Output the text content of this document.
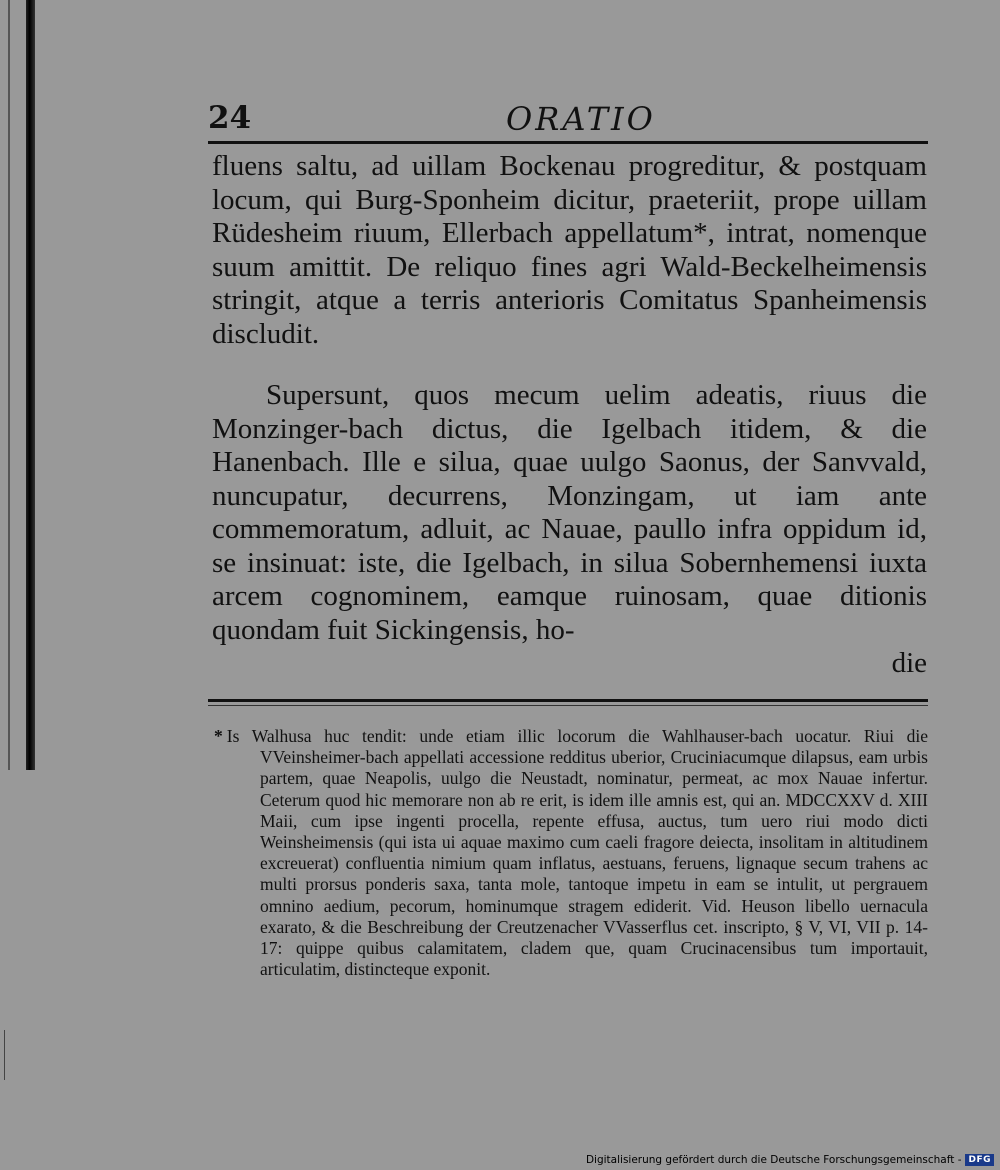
24	ORATIO

fluens saltu, ad uillam Bockenau progreditur, & postquam locum, qui Burg-Sponheim dicitur, praeteriit, prope uillam Rüdesheim riuum, Ellerbach appellatum*, intrat, nomenque suum amittit. De reliquo fines agri Wald-Beckelheimensis stringit, atque a terris anterioris Comitatus Spanheimensis discludit.

Supersunt, quos mecum uelim adeatis, riuus die Monzinger-bach dictus, die Igelbach itidem, & die Hanenbach. Ille e silua, quae uulgo Saonus, der Sanvvald, nuncupatur, decurrens, Monzingam, ut iam ante commemoratum, adluit, ac Nauae, paullo infra oppidum id, se insinuat: iste, die Igelbach, in silua Sobernhemensi iuxta arcem cognominem, eamque ruinosam, quae ditionis quondam fuit Sickingensis, ho-

die
* Is Walhusa huc tendit: unde etiam illic locorum die Wahlhauser-bach uocatur. Riui die VVeinsheimer-bach appellati accessione redditus uberior, Cruciniacumque dilapsus, eam urbis partem, quae Neapolis, uulgo die Neustadt, nominatur, permeat, ac mox Nauae infertur. Ceterum quod hic memorare non ab re erit, is idem ille amnis est, qui an. MDCCXXV d. XIII Maii, cum ipse ingenti procella, repente effusa, auctus, tum uero riui modo dicti Weinsheimensis (qui ista ui aquae maximo cum caeli fragore deiecta, insolitam in altitudinem excreuerat) confluentia nimium quam inflatus, aestuans, feruens, lignaque secum trahens ac multi prorsus ponderis saxa, tanta mole, tantoque impetu in eam se intulit, ut pergrauem omnino aedium, pecorum, hominumque stragem ediderit. Vid. Heuson libello uernacula exarato, & die Beschreibung der Creutzenacher VVasserflus cet. inscripto, § V, VI, VII p. 14-17: quippe quibus calamitatem, cladem que, quam Crucinacensibus tum importauit, articulatim, distincteque exponit.
Digitalisierung gefördert durch die Deutsche Forschungsgemeinschaft - DFG
